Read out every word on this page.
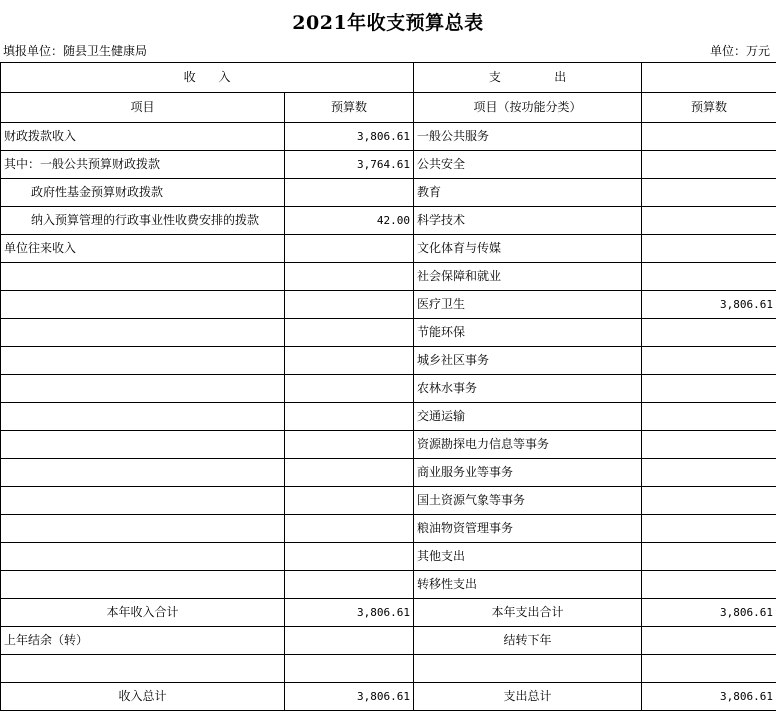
2021年收支预算总表
填报单位：随县卫生健康局	单位：万元
收      入		支              出	
项目	预算数	项目（按功能分类）	预算数
财政拨款收入	3,806.61	一般公共服务	
其中：一般公共预算财政拨款	3,764.61	公共安全	
政府性基金预算财政拨款		教育	
纳入预算管理的行政事业性收费安排的拨款	42.00	科学技术	
单位往来收入		文化体育与传媒	
		社会保障和就业	
		医疗卫生	3,806.61
		节能环保	
		城乡社区事务	
		农林水事务	
		交通运输	
		资源勘探电力信息等事务	
		商业服务业等事务	
		国土资源气象等事务	
		粮油物资管理事务	
		其他支出	
		转移性支出	
本年收入合计	3,806.61	本年支出合计	3,806.61
上年结余（转）		结转下年	

收入总计	3,806.61	支出总计	3,806.61
